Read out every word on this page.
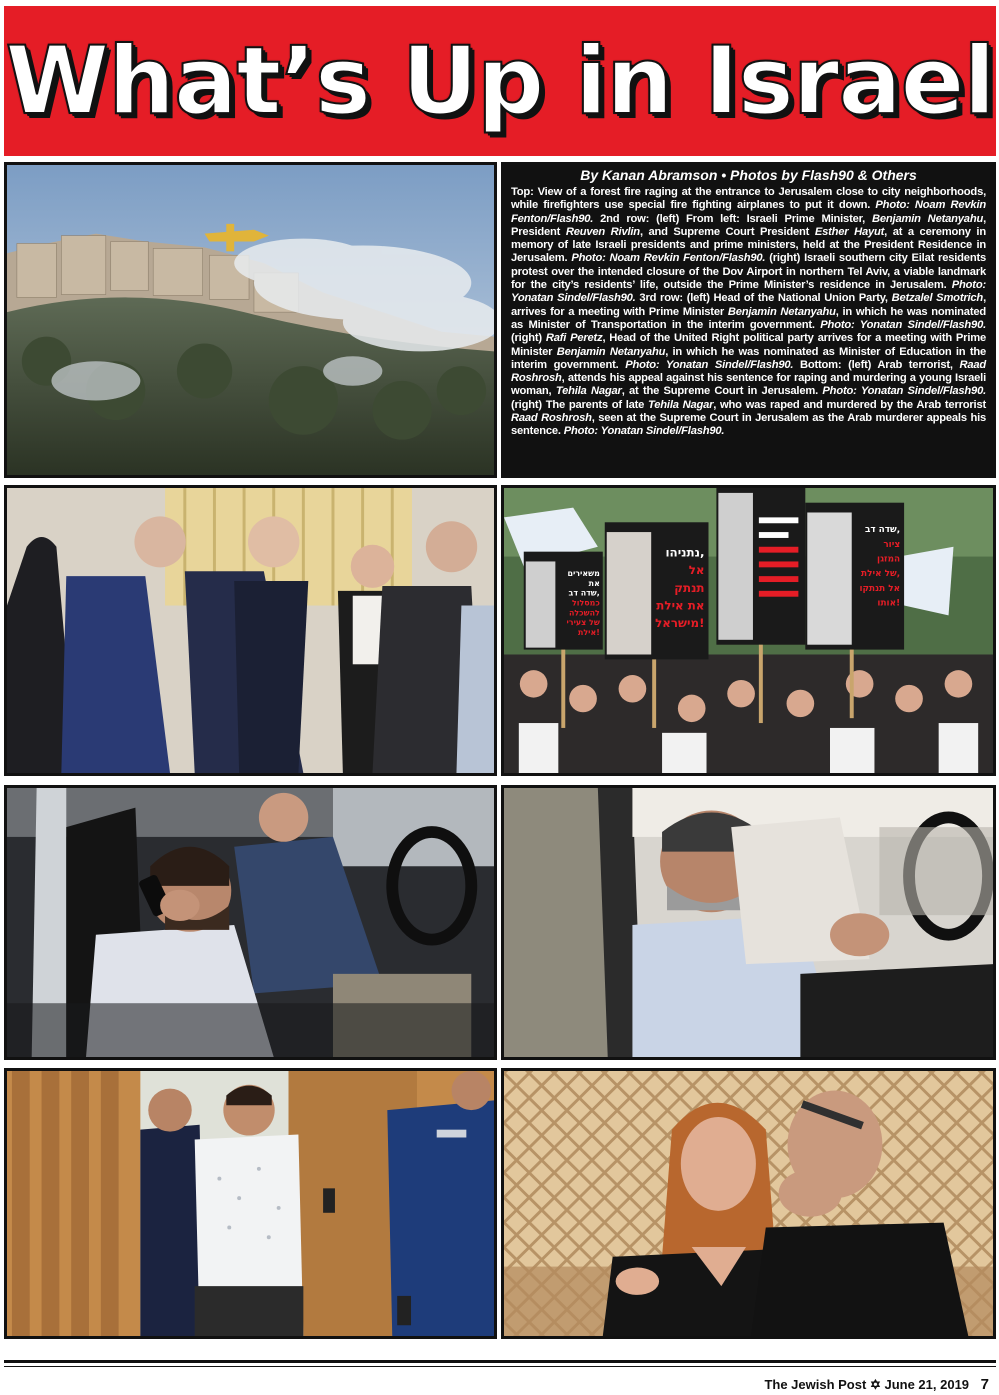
What’s Up in Israel
By Kanan Abramson • Photos by Flash90 & Others
Top: View of a forest fire raging at the entrance to Jerusalem close to city neighborhoods, while firefighters use special fire fighting airplanes to put it down. Photo: Noam Revkin Fenton/Flash90. 2nd row: (left) From left: Israeli Prime Minister, Benjamin Netanyahu, President Reuven Rivlin, and Supreme Court President Esther Hayut, at a ceremony in memory of late Israeli presidents and prime ministers, held at the President Residence in Jerusalem. Photo: Noam Revkin Fenton/Flash90. (right) Israeli southern city Eilat residents protest over the intended closure of the Dov Airport in northern Tel Aviv, a viable landmark for the city’s residents’ life, outside the Prime Minister’s residence in Jerusalem. Photo: Yonatan Sindel/Flash90. 3rd row: (left) Head of the National Union Party, Betzalel Smotrich, arrives for a meeting with Prime Minister Benjamin Netanyahu, in which he was nominated as Minister of Transportation in the interim government. Photo: Yonatan Sindel/Flash90. (right) Rafi Peretz, Head of the United Right political party arrives for a meeting with Prime Minister Benjamin Netanyahu, in which he was nominated as Minister of Education in the interim government. Photo: Yonatan Sindel/Flash90. Bottom: (left) Arab terrorist, Raad Roshrosh, attends his appeal against his sentence for raping and murdering a young Israeli woman, Tehila Nagar, at the Supreme Court in Jerusalem. Photo: Yonatan Sindel/Flash90. (right) The parents of late Tehila Nagar, who was raped and murdered by the Arab terrorist Raad Roshrosh, seen at the Supreme Court in Jerusalem as the Arab murderer appeals his sentence. Photo: Yonatan Sindel/Flash90.
משאירים
את
שדה דב,
כמסלול
להשכלה
של צעירי
אילת!
נתניהו,
אל
תנתק
את אילת
מישראל!
שדה דב,
ציור
המזגן
של אילת,
אל תנתקו
אותו!
The Jewish Post ✡ June 21, 2019 7
